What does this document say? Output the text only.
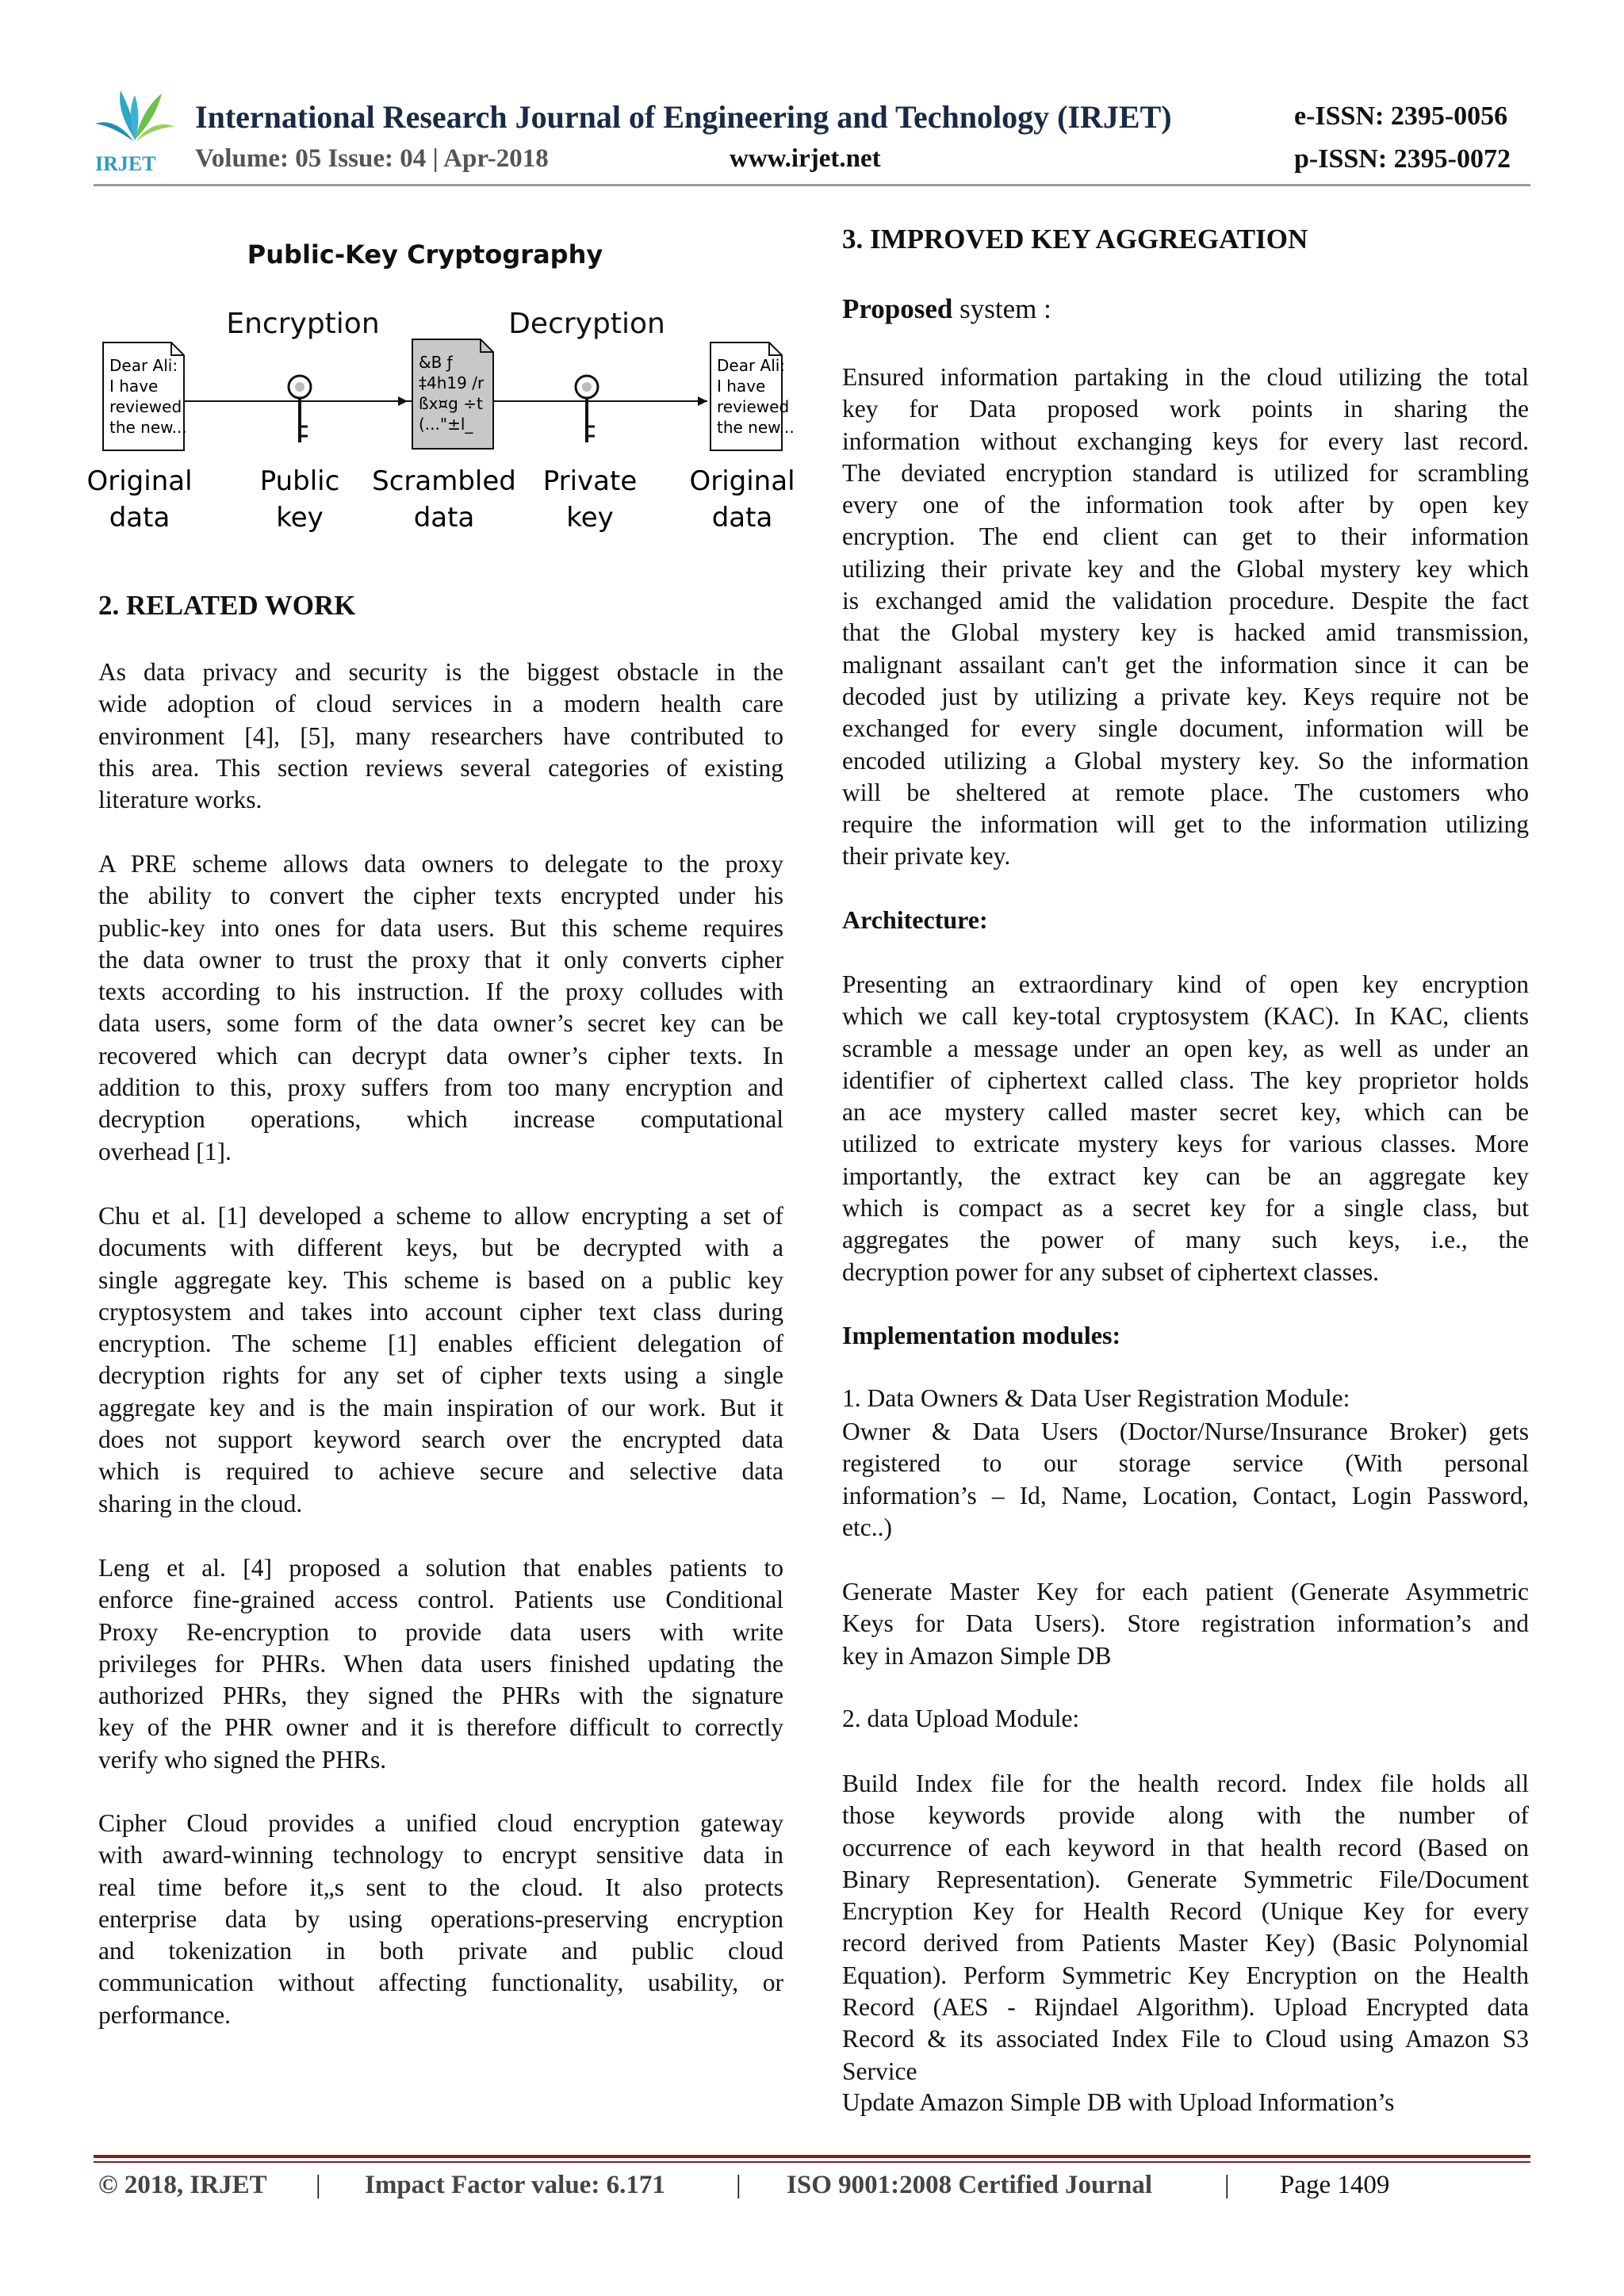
IRJET
International Research Journal of Engineering and Technology (IRJET)	e-ISSN: 2395-0056
Volume: 05 Issue: 04 | Apr-2018	www.irjet.net	p-ISSN: 2395-0072
Public-Key Cryptography
Encryption	Decryption
Dear Ali:
I have
reviewed
the new...
&B ƒ
‡4h19 /r
ßx¤g ÷t
(..."±l_
Dear Ali:
I have
reviewed
the new...
Original
data
Public
key
Scrambled
data
Private
key
Original
data
2. RELATED WORK
As data privacy and security is the biggest obstacle in the
wide adoption of cloud services in a modern health care
environment [4], [5], many researchers have contributed to
this area. This section reviews several categories of existing
literature works.
A PRE scheme allows data owners to delegate to the proxy
the ability to convert the cipher texts encrypted under his
public-key into ones for data users. But this scheme requires
the data owner to trust the proxy that it only converts cipher
texts according to his instruction. If the proxy colludes with
data users, some form of the data owner’s secret key can be
recovered which can decrypt data owner’s cipher texts. In
addition to this, proxy suffers from too many encryption and
decryption operations, which increase computational
overhead [1].
Chu et al. [1] developed a scheme to allow encrypting a set of
documents with different keys, but be decrypted with a
single aggregate key. This scheme is based on a public key
cryptosystem and takes into account cipher text class during
encryption. The scheme [1] enables efficient delegation of
decryption rights for any set of cipher texts using a single
aggregate key and is the main inspiration of our work. But it
does not support keyword search over the encrypted data
which is required to achieve secure and selective data
sharing in the cloud.
Leng et al. [4] proposed a solution that enables patients to
enforce fine-grained access control. Patients use Conditional
Proxy Re-encryption to provide data users with write
privileges for PHRs. When data users finished updating the
authorized PHRs, they signed the PHRs with the signature
key of the PHR owner and it is therefore difficult to correctly
verify who signed the PHRs.
Cipher Cloud provides a unified cloud encryption gateway
with award-winning technology to encrypt sensitive data in
real time before it„s sent to the cloud. It also protects
enterprise data by using operations-preserving encryption
and tokenization in both private and public cloud
communication without affecting functionality, usability, or
performance.
3. IMPROVED KEY AGGREGATION
Proposed system :
Ensured information partaking in the cloud utilizing the total
key for Data proposed work points in sharing the
information without exchanging keys for every last record.
The deviated encryption standard is utilized for scrambling
every one of the information took after by open key
encryption. The end client can get to their information
utilizing their private key and the Global mystery key which
is exchanged amid the validation procedure. Despite the fact
that the Global mystery key is hacked amid transmission,
malignant assailant can't get the information since it can be
decoded just by utilizing a private key. Keys require not be
exchanged for every single document, information will be
encoded utilizing a Global mystery key. So the information
will be sheltered at remote place. The customers who
require the information will get to the information utilizing
their private key.
Architecture:
Presenting an extraordinary kind of open key encryption
which we call key-total cryptosystem (KAC). In KAC, clients
scramble a message under an open key, as well as under an
identifier of ciphertext called class. The key proprietor holds
an ace mystery called master secret key, which can be
utilized to extricate mystery keys for various classes. More
importantly, the extract key can be an aggregate key
which is compact as a secret key for a single class, but
aggregates the power of many such keys, i.e., the
decryption power for any subset of ciphertext classes.
Implementation modules:
1. Data Owners & Data User Registration Module:
Owner & Data Users (Doctor/Nurse/Insurance Broker) gets
registered to our storage service (With personal
information’s – Id, Name, Location, Contact, Login Password,
etc..)
Generate Master Key for each patient (Generate Asymmetric
Keys for Data Users). Store registration information’s and
key in Amazon Simple DB
2. data Upload Module:
Build Index file for the health record. Index file holds all
those keywords provide along with the number of
occurrence of each keyword in that health record (Based on
Binary Representation). Generate Symmetric File/Document
Encryption Key for Health Record (Unique Key for every
record derived from Patients Master Key) (Basic Polynomial
Equation). Perform Symmetric Key Encryption on the Health
Record (AES - Rijndael Algorithm). Upload Encrypted data
Record & its associated Index File to Cloud using Amazon S3
Service
Update Amazon Simple DB with Upload Information’s
© 2018, IRJET | Impact Factor value: 6.171	| ISO 9001:2008 Certified Journal	| Page 1409
